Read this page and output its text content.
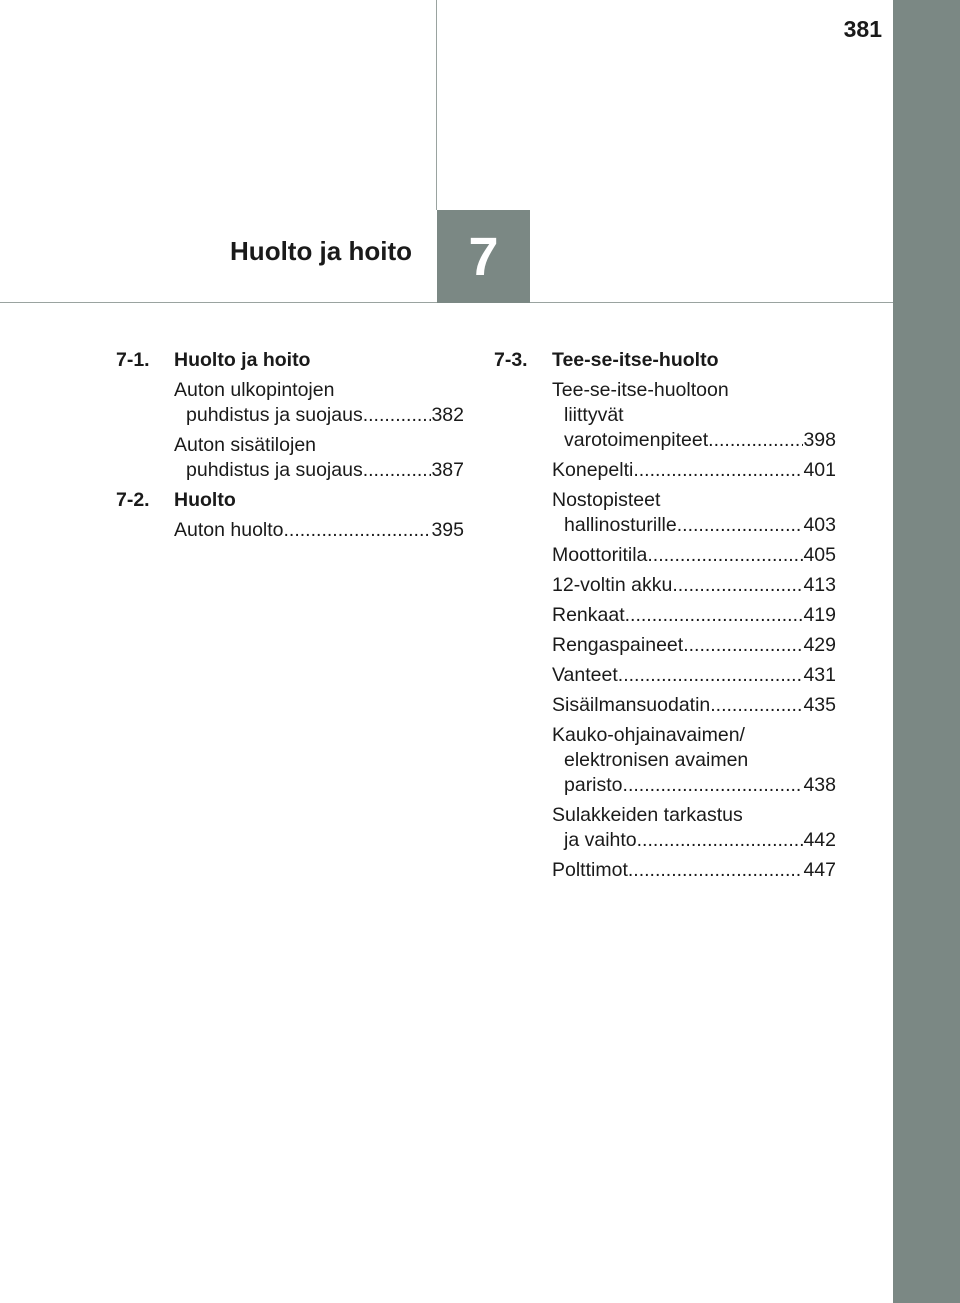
381
Huolto ja hoito 7
7-1.	Huolto ja hoito
Auton ulkopintojen
puhdistus ja suojaus .....	382
Auton sisätilojen
puhdistus ja suojaus .....	387
7-2.	Huolto
Auton huolto .....	395
7-3.	Tee-se-itse-huolto
Tee-se-itse-huoltoon
liittyvät
varotoimenpiteet .....	398
Konepelti .....	401
Nostopisteet
hallinosturille .....	403
Moottoritila .....	405
12-voltin akku .....	413
Renkaat .....	419
Rengaspaineet .....	429
Vanteet .....	431
Sisäilmansuodatin .....	435
Kauko-ohjainavaimen/
elektronisen avaimen
paristo .....	438
Sulakkeiden tarkastus
ja vaihto .....	442
Polttimot .....	447
